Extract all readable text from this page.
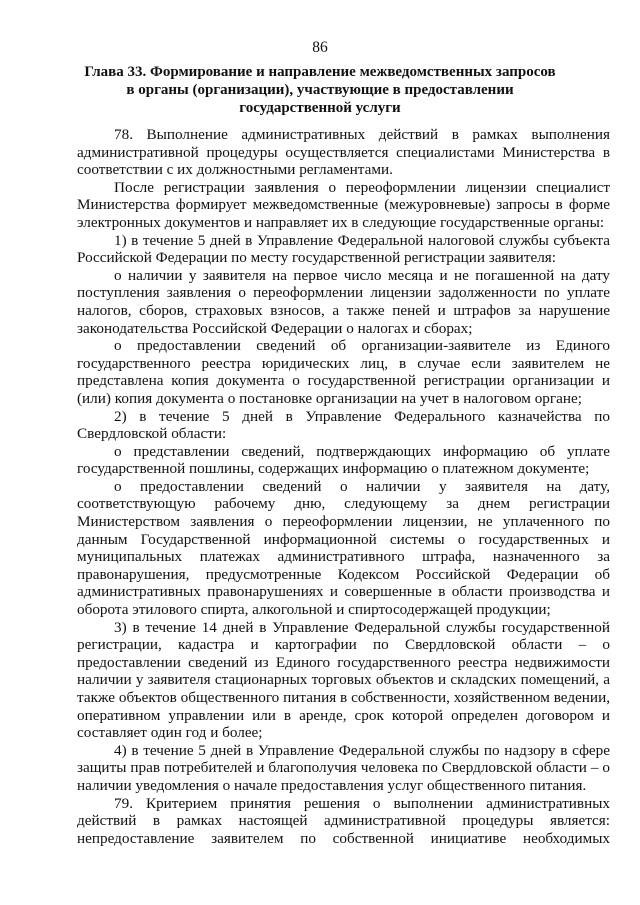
86
Глава 33. Формирование и направление межведомственных запросов в органы (организации), участвующие в предоставлении государственной услуги

78. Выполнение административных действий в рамках выполнения административной процедуры осуществляется специалистами Министерства в соответствии с их должностными регламентами.

После регистрации заявления о переоформлении лицензии специалист Министерства формирует межведомственные (межуровневые) запросы в форме электронных документов и направляет их в следующие государственные органы:

1) в течение 5 дней в Управление Федеральной налоговой службы субъекта Российской Федерации по месту государственной регистрации заявителя:

о наличии у заявителя на первое число месяца и не погашенной на дату поступления заявления о переоформлении лицензии задолженности по уплате налогов, сборов, страховых взносов, а также пеней и штрафов за нарушение законодательства Российской Федерации о налогах и сборах;

о предоставлении сведений об организации-заявителе из Единого государственного реестра юридических лиц, в случае если заявителем не представлена копия документа о государственной регистрации организации и (или) копия документа о постановке организации на учет в налоговом органе;

2) в течение 5 дней в Управление Федерального казначейства по Свердловской области:

о представлении сведений, подтверждающих информацию об уплате государственной пошлины, содержащих информацию о платежном документе;

о предоставлении сведений о наличии у заявителя на дату, соответствующую рабочему дню, следующему за днем регистрации Министерством заявления о переоформлении лицензии, не уплаченного по данным Государственной информационной системы о государственных и муниципальных платежах административного штрафа, назначенного за правонарушения, предусмотренные Кодексом Российской Федерации об административных правонарушениях и совершенные в области производства и оборота этилового спирта, алкогольной и спиртосодержащей продукции;

3) в течение 14 дней в Управление Федеральной службы государственной регистрации, кадастра и картографии по Свердловской области – о предоставлении сведений из Единого государственного реестра недвижимости наличии у заявителя стационарных торговых объектов и складских помещений, а также объектов общественного питания в собственности, хозяйственном ведении, оперативном управлении или в аренде, срок которой определен договором и составляет один год и более;

4) в течение 5 дней в Управление Федеральной службы по надзору в сфере защиты прав потребителей и благополучия человека по Свердловской области – о наличии уведомления о начале предоставления услуг общественного питания.

79. Критерием принятия решения о выполнении административных действий в рамках настоящей административной процедуры является: непредоставление заявителем по собственной инициативе необходимых
